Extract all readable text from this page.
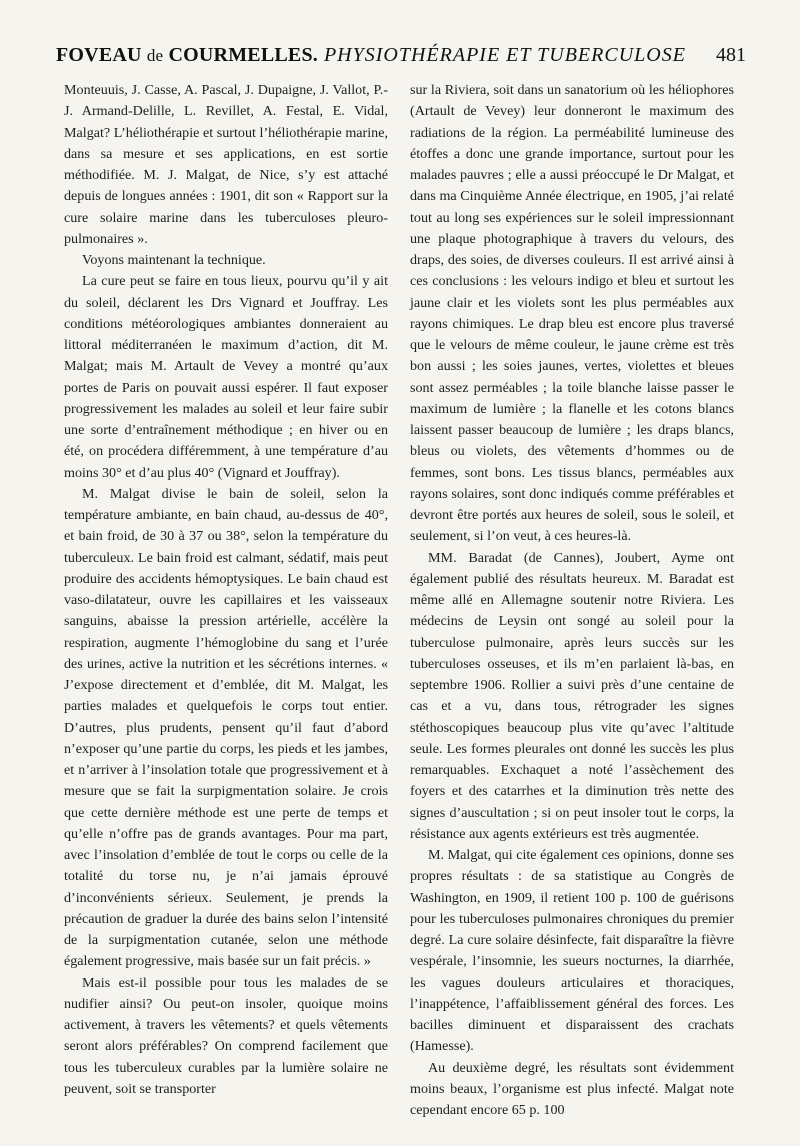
FOVEAU de COURMELLES. PHYSIOTHÉRAPIE ET TUBERCULOSE 481

Monteuuis, J. Casse, A. Pascal, J. Dupaigne, J. Vallot, P.-J. Armand-Delille, L. Revillet, A. Festal, E. Vidal, Malgat? L’héliothérapie et surtout l’héliothérapie marine, dans sa mesure et ses applications, en est sortie méthodifiée. M. J. Malgat, de Nice, s’y est attaché depuis de longues années : 1901, dit son « Rapport sur la cure solaire marine dans les tuberculoses pleuro-pulmonaires ».

Voyons maintenant la technique.

La cure peut se faire en tous lieux, pourvu qu’il y ait du soleil, déclarent les Drs Vignard et Jouffray. Les conditions météorologiques ambiantes donneraient au littoral méditerranéen le maximum d’action, dit M. Malgat; mais M. Artault de Vevey a montré qu’aux portes de Paris on pouvait aussi espérer. Il faut exposer progressivement les malades au soleil et leur faire subir une sorte d’entraînement méthodique ; en hiver ou en été, on procédera différemment, à une température d’au moins 30° et d’au plus 40° (Vignard et Jouffray).

M. Malgat divise le bain de soleil, selon la température ambiante, en bain chaud, au-dessus de 40°, et bain froid, de 30 à 37 ou 38°, selon la température du tuberculeux. Le bain froid est calmant, sédatif, mais peut produire des accidents hémoptysiques. Le bain chaud est vaso-dilatateur, ouvre les capillaires et les vaisseaux sanguins, abaisse la pression artérielle, accélère la respiration, augmente l’hémoglobine du sang et l’urée des urines, active la nutrition et les sécrétions internes. « J’expose directement et d’emblée, dit M. Malgat, les parties malades et quelquefois le corps tout entier. D’autres, plus prudents, pensent qu’il faut d’abord n’exposer qu’une partie du corps, les pieds et les jambes, et n’arriver à l’insolation totale que progressivement et à mesure que se fait la surpigmentation solaire. Je crois que cette dernière méthode est une perte de temps et qu’elle n’offre pas de grands avantages. Pour ma part, avec l’insolation d’emblée de tout le corps ou celle de la totalité du torse nu, je n’ai jamais éprouvé d’inconvénients sérieux. Seulement, je prends la précaution de graduer la durée des bains selon l’intensité de la surpigmentation cutanée, selon une méthode également progressive, mais basée sur un fait précis. »

Mais est-il possible pour tous les malades de se nudifier ainsi? Ou peut-on insoler, quoique moins activement, à travers les vêtements? et quels vêtements seront alors préférables? On comprend facilement que tous les tuberculeux curables par la lumière solaire ne peuvent, soit se transporter

sur la Riviera, soit dans un sanatorium où les héliophores (Artault de Vevey) leur donneront le maximum des radiations de la région. La perméabilité lumineuse des étoffes a donc une grande importance, surtout pour les malades pauvres ; elle a aussi préoccupé le Dr Malgat, et dans ma Cinquième Année électrique, en 1905, j’ai relaté tout au long ses expériences sur le soleil impressionnant une plaque photographique à travers du velours, des draps, des soies, de diverses couleurs. Il est arrivé ainsi à ces conclusions : les velours indigo et bleu et surtout les jaune clair et les violets sont les plus perméables aux rayons chimiques. Le drap bleu est encore plus traversé que le velours de même couleur, le jaune crème est très bon aussi ; les soies jaunes, vertes, violettes et bleues sont assez perméables ; la toile blanche laisse passer le maximum de lumière ; la flanelle et les cotons blancs laissent passer beaucoup de lumière ; les draps blancs, bleus ou violets, des vêtements d’hommes ou de femmes, sont bons. Les tissus blancs, perméables aux rayons solaires, sont donc indiqués comme préférables et devront être portés aux heures de soleil, sous le soleil, et seulement, si l’on veut, à ces heures-là.

MM. Baradat (de Cannes), Joubert, Ayme ont également publié des résultats heureux. M. Baradat est même allé en Allemagne soutenir notre Riviera. Les médecins de Leysin ont songé au soleil pour la tuberculose pulmonaire, après leurs succès sur les tuberculoses osseuses, et ils m’en parlaient là-bas, en septembre 1906. Rollier a suivi près d’une centaine de cas et a vu, dans tous, rétrograder les signes stéthoscopiques beaucoup plus vite qu’avec l’altitude seule. Les formes pleurales ont donné les succès les plus remarquables. Exchaquet a noté l’assèchement des foyers et des catarrhes et la diminution très nette des signes d’auscultation ; si on peut insoler tout le corps, la résistance aux agents extérieurs est très augmentée.

M. Malgat, qui cite également ces opinions, donne ses propres résultats : de sa statistique au Congrès de Washington, en 1909, il retient 100 p. 100 de guérisons pour les tuberculoses pulmonaires chroniques du premier degré. La cure solaire désinfecte, fait disparaître la fièvre vespérale, l’insomnie, les sueurs nocturnes, la diarrhée, les vagues douleurs articulaires et thoraciques, l’inappétence, l’affaiblissement général des forces. Les bacilles diminuent et disparaissent des crachats (Hamesse).

Au deuxième degré, les résultats sont évidemment moins beaux, l’organisme est plus infecté. Malgat note cependant encore 65 p. 100
